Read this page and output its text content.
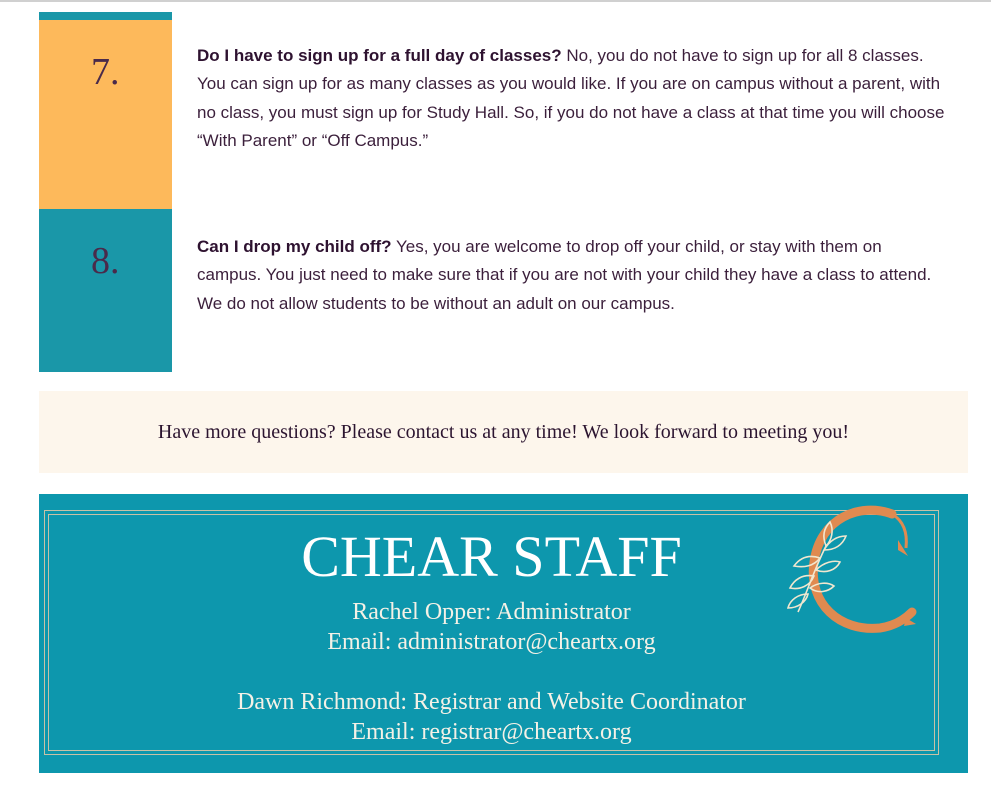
7.
8.
Do I have to sign up for a full day of classes? No, you do not have to sign up for all 8 classes. You can sign up for as many classes as you would like. If you are on campus without a parent, with no class, you must sign up for Study Hall. So, if you do not have a class at that time you will choose “With Parent” or “Off Campus.”
Can I drop my child off? Yes, you are welcome to drop off your child, or stay with them on campus. You just need to make sure that if you are not with your child they have a class to attend. We do not allow students to be without an adult on our campus.
Have more questions? Please contact us at any time! We look forward to meeting you!
CHEAR STAFF
Rachel Opper: Administrator
Email: administrator@cheartx.org
Dawn Richmond: Registrar and Website Coordinator
Email: registrar@cheartx.org
